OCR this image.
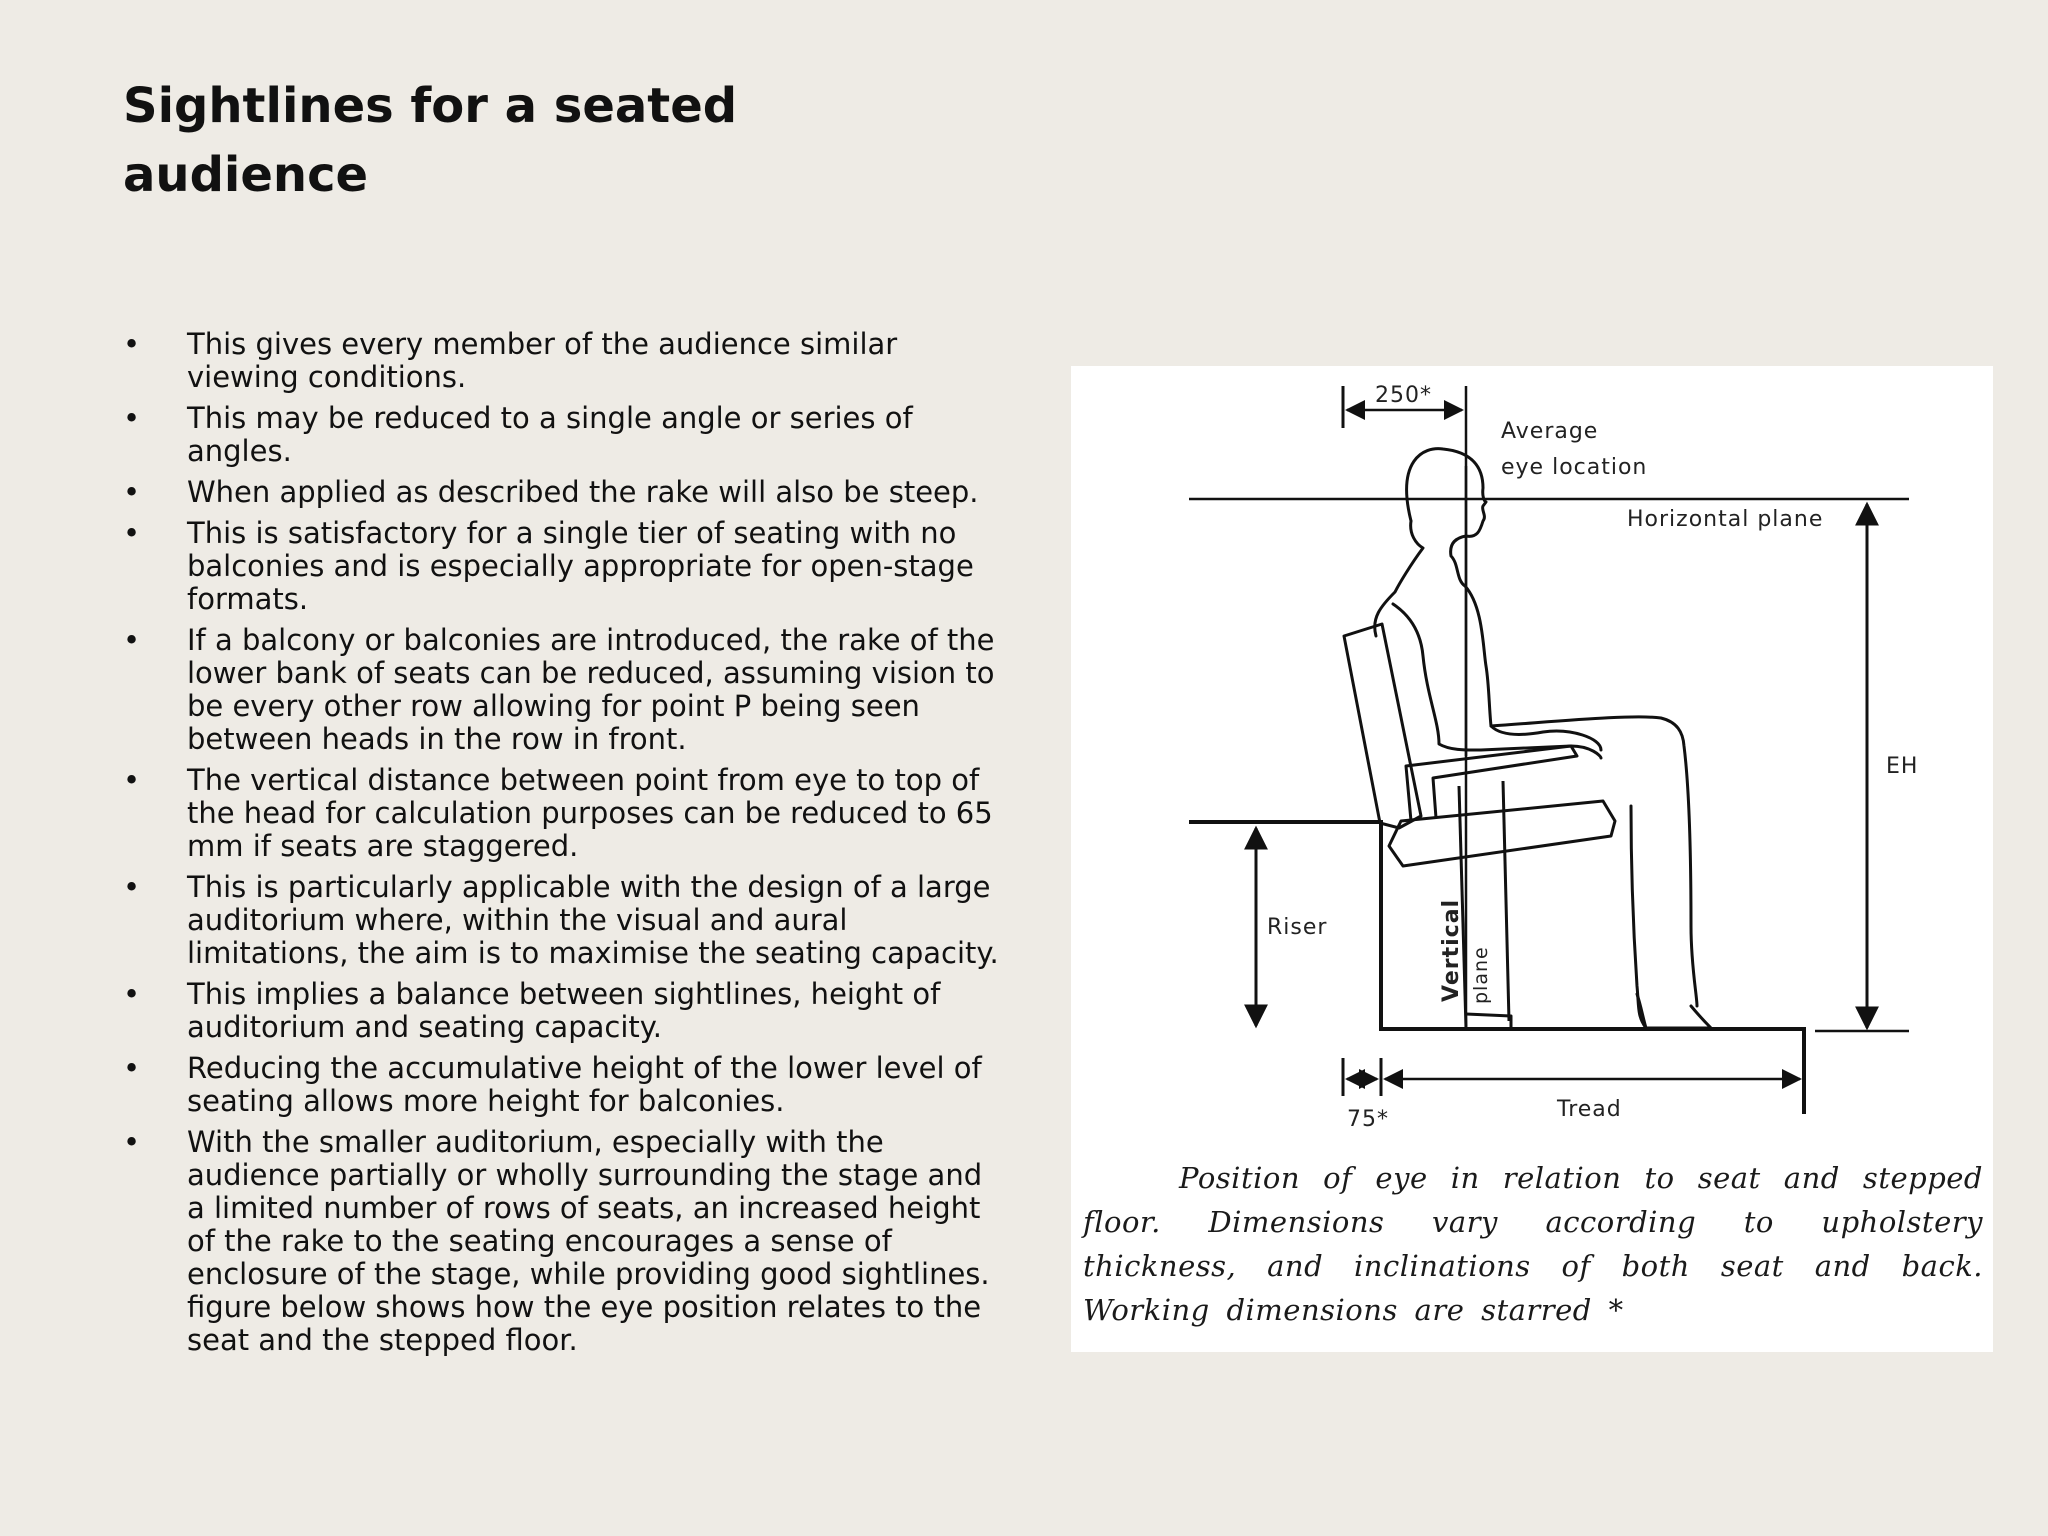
Sightlines for a seated
audience
•	This gives every member of the audience similar viewing conditions.
•	This may be reduced to a single angle or series of angles.
•	When applied as described the rake will also be steep.
•	This is satisfactory for a single tier of seating with no balconies and is especially appropriate for open-stage formats.
•	If a balcony or balconies are introduced, the rake of the lower bank of seats can be reduced, assuming vision to be every other row allowing for point P being seen between heads in the row in front.
•	The vertical distance between point from eye to top of the head for calculation purposes can be reduced to 65 mm if seats are staggered.
•	This is particularly applicable with the design of a large auditorium where, within the visual and aural limitations, the aim is to maximise the seating capacity.
•	This implies a balance between sightlines, height of auditorium and seating capacity.
•	Reducing the accumulative height of the lower level of seating allows more height for balconies.
•	With the smaller auditorium, especially with the audience partially or wholly surrounding the stage and a limited number of rows of seats, an increased height of the rake to the seating encourages a sense of enclosure of the stage, while providing good sightlines. figure below shows how the eye position relates to the seat and the stepped floor.
250*
Average
eye location
Horizontal plane
EH
Riser	Vertical plane
75*	Tread
Position of eye in relation to seat and stepped floor. Dimensions vary according to upholstery thickness, and inclinations of both seat and back. Working dimensions are starred *
